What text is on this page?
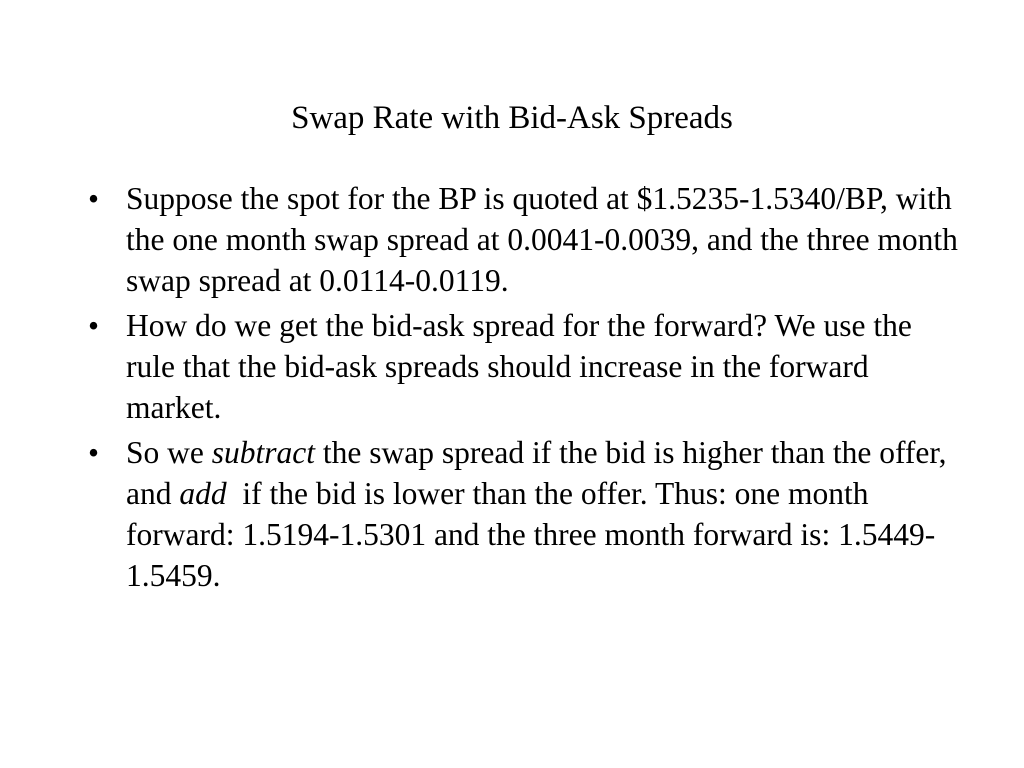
Swap Rate with Bid-Ask Spreads
• Suppose the spot for the BP is quoted at $1.5235-1.5340/BP, with the one month swap spread at 0.0041-0.0039, and the three month swap spread at 0.0114-0.0119.
• How do we get the bid-ask spread for the forward? We use the rule that the bid-ask spreads should increase in the forward market.
• So we subtract the swap spread if the bid is higher than the offer, and add  if the bid is lower than the offer. Thus: one month forward: 1.5194-1.5301 and the three month forward is: 1.5449-1.5459.
